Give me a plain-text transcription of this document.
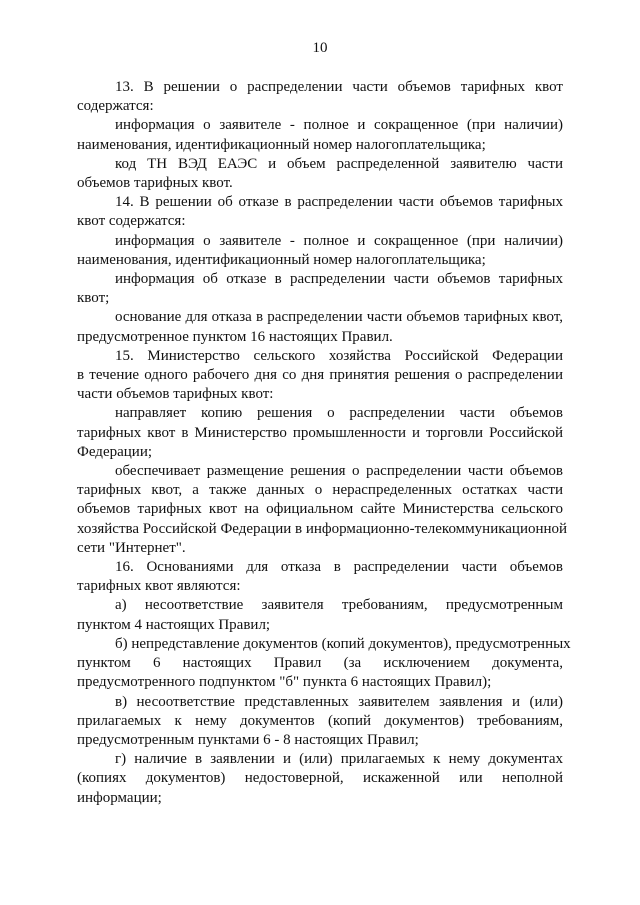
10
13. В решении о распределении части объемов тарифных квот
содержатся:
информация о заявителе - полное и сокращенное (при наличии)
наименования, идентификационный номер налогоплательщика;
код ТН ВЭД ЕАЭС и объем распределенной заявителю части
объемов тарифных квот.
14. В решении об отказе в распределении части объемов тарифных
квот содержатся:
информация о заявителе - полное и сокращенное (при наличии)
наименования, идентификационный номер налогоплательщика;
информация об отказе в распределении части объемов тарифных
квот;
основание для отказа в распределении части объемов тарифных квот,
предусмотренное пунктом 16 настоящих Правил.
15. Министерство сельского хозяйства Российской Федерации
в течение одного рабочего дня со дня принятия решения о распределении
части объемов тарифных квот:
направляет копию решения о распределении части объемов
тарифных квот в Министерство промышленности и торговли Российской
Федерации;
обеспечивает размещение решения о распределении части объемов
тарифных квот, а также данных о нераспределенных остатках части
объемов тарифных квот на официальном сайте Министерства сельского
хозяйства Российской Федерации в информационно-телекоммуникационной
сети "Интернет".
16. Основаниями для отказа в распределении части объемов
тарифных квот являются:
а) несоответствие заявителя требованиям, предусмотренным
пунктом 4 настоящих Правил;
б) непредставление документов (копий документов), предусмотренных
пунктом 6 настоящих Правил (за исключением документа,
предусмотренного подпунктом "б" пункта 6 настоящих Правил);
в) несоответствие представленных заявителем заявления и (или)
прилагаемых к нему документов (копий документов) требованиям,
предусмотренным пунктами 6 - 8 настоящих Правил;
г) наличие в заявлении и (или) прилагаемых к нему документах
(копиях документов) недостоверной, искаженной или неполной
информации;
